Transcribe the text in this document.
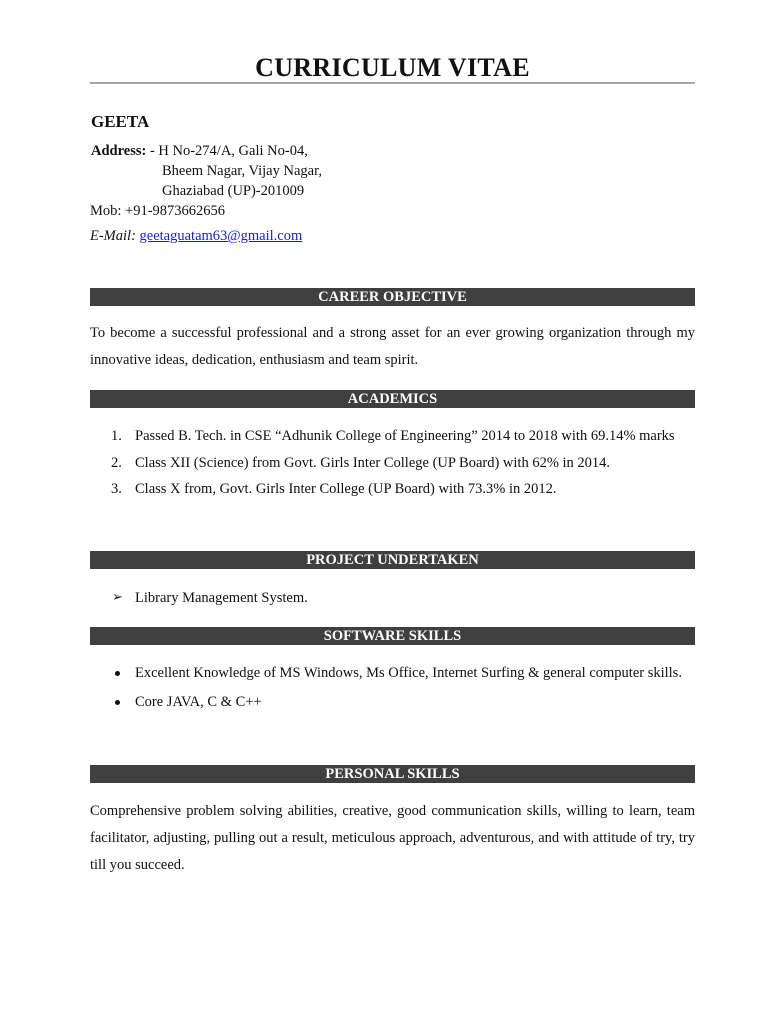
CURRICULUM VITAE
GEETA
Address: - H No-274/A, Gali No-04,
Bheem Nagar, Vijay Nagar,
Ghaziabad (UP)-201009
Mob: +91-9873662656
E-Mail: geetaguatam63@gmail.com
CAREER OBJECTIVE
To become a successful professional and a strong asset for an ever growing organization through my innovative ideas, dedication, enthusiasm and team spirit.
ACADEMICS
1. Passed B. Tech. in CSE “Adhunik College of Engineering” 2014 to 2018 with 69.14% marks
2. Class XII (Science) from Govt. Girls Inter College (UP Board) with 62% in 2014.
3. Class X from, Govt. Girls Inter College (UP Board) with 73.3% in 2012.
PROJECT UNDERTAKEN
➢ Library Management System.
SOFTWARE SKILLS
Excellent Knowledge of MS Windows, Ms Office, Internet Surfing & general computer skills.
Core JAVA, C & C++
PERSONAL SKILLS
Comprehensive problem solving abilities, creative, good communication skills, willing to learn, team facilitator, adjusting, pulling out a result, meticulous approach, adventurous, and with attitude of try, try till you succeed.
